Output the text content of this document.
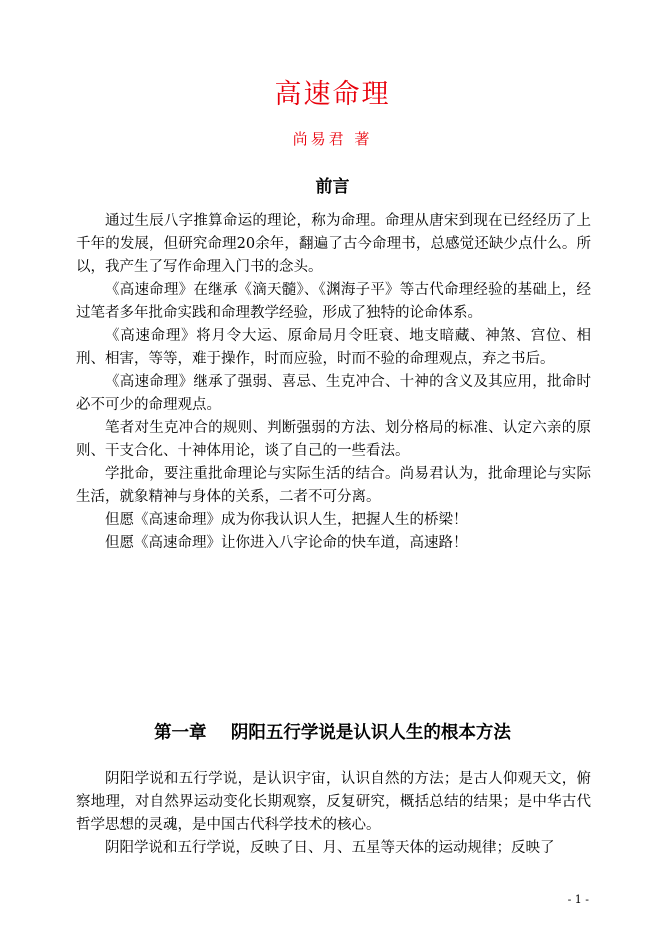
高速命理
尚易君 著
前言

通过生辰八字推算命运的理论，称为命理。命理从唐宋到现在已经经历了上千年的发展，但研究命理20余年，翻遍了古今命理书，总感觉还缺少点什么。所以，我产生了写作命理入门书的念头。

《高速命理》在继承《滴天髓》、《渊海子平》等古代命理经验的基础上，经过笔者多年批命实践和命理教学经验，形成了独特的论命体系。

《高速命理》将月令大运、原命局月令旺衰、地支暗藏、神煞、宫位、相刑、相害，等等，难于操作，时而应验，时而不验的命理观点，弃之书后。

《高速命理》继承了强弱、喜忌、生克冲合、十神的含义及其应用，批命时必不可少的命理观点。

笔者对生克冲合的规则、判断强弱的方法、划分格局的标准、认定六亲的原则、干支合化、十神体用论，谈了自己的一些看法。

学批命，要注重批命理论与实际生活的结合。尚易君认为，批命理论与实际生活，就象精神与身体的关系，二者不可分离。

但愿《高速命理》成为你我认识人生，把握人生的桥梁！

但愿《高速命理》让你进入八字论命的快车道，高速路！

第一章    阴阳五行学说是认识人生的根本方法

阴阳学说和五行学说，是认识宇宙，认识自然的方法；是古人仰观天文，俯察地理，对自然界运动变化长期观察，反复研究，概括总结的结果；是中华古代哲学思想的灵魂，是中国古代科学技术的核心。

阴阳学说和五行学说，反映了日、月、五星等天体的运动规律；反映了

- 1 -
